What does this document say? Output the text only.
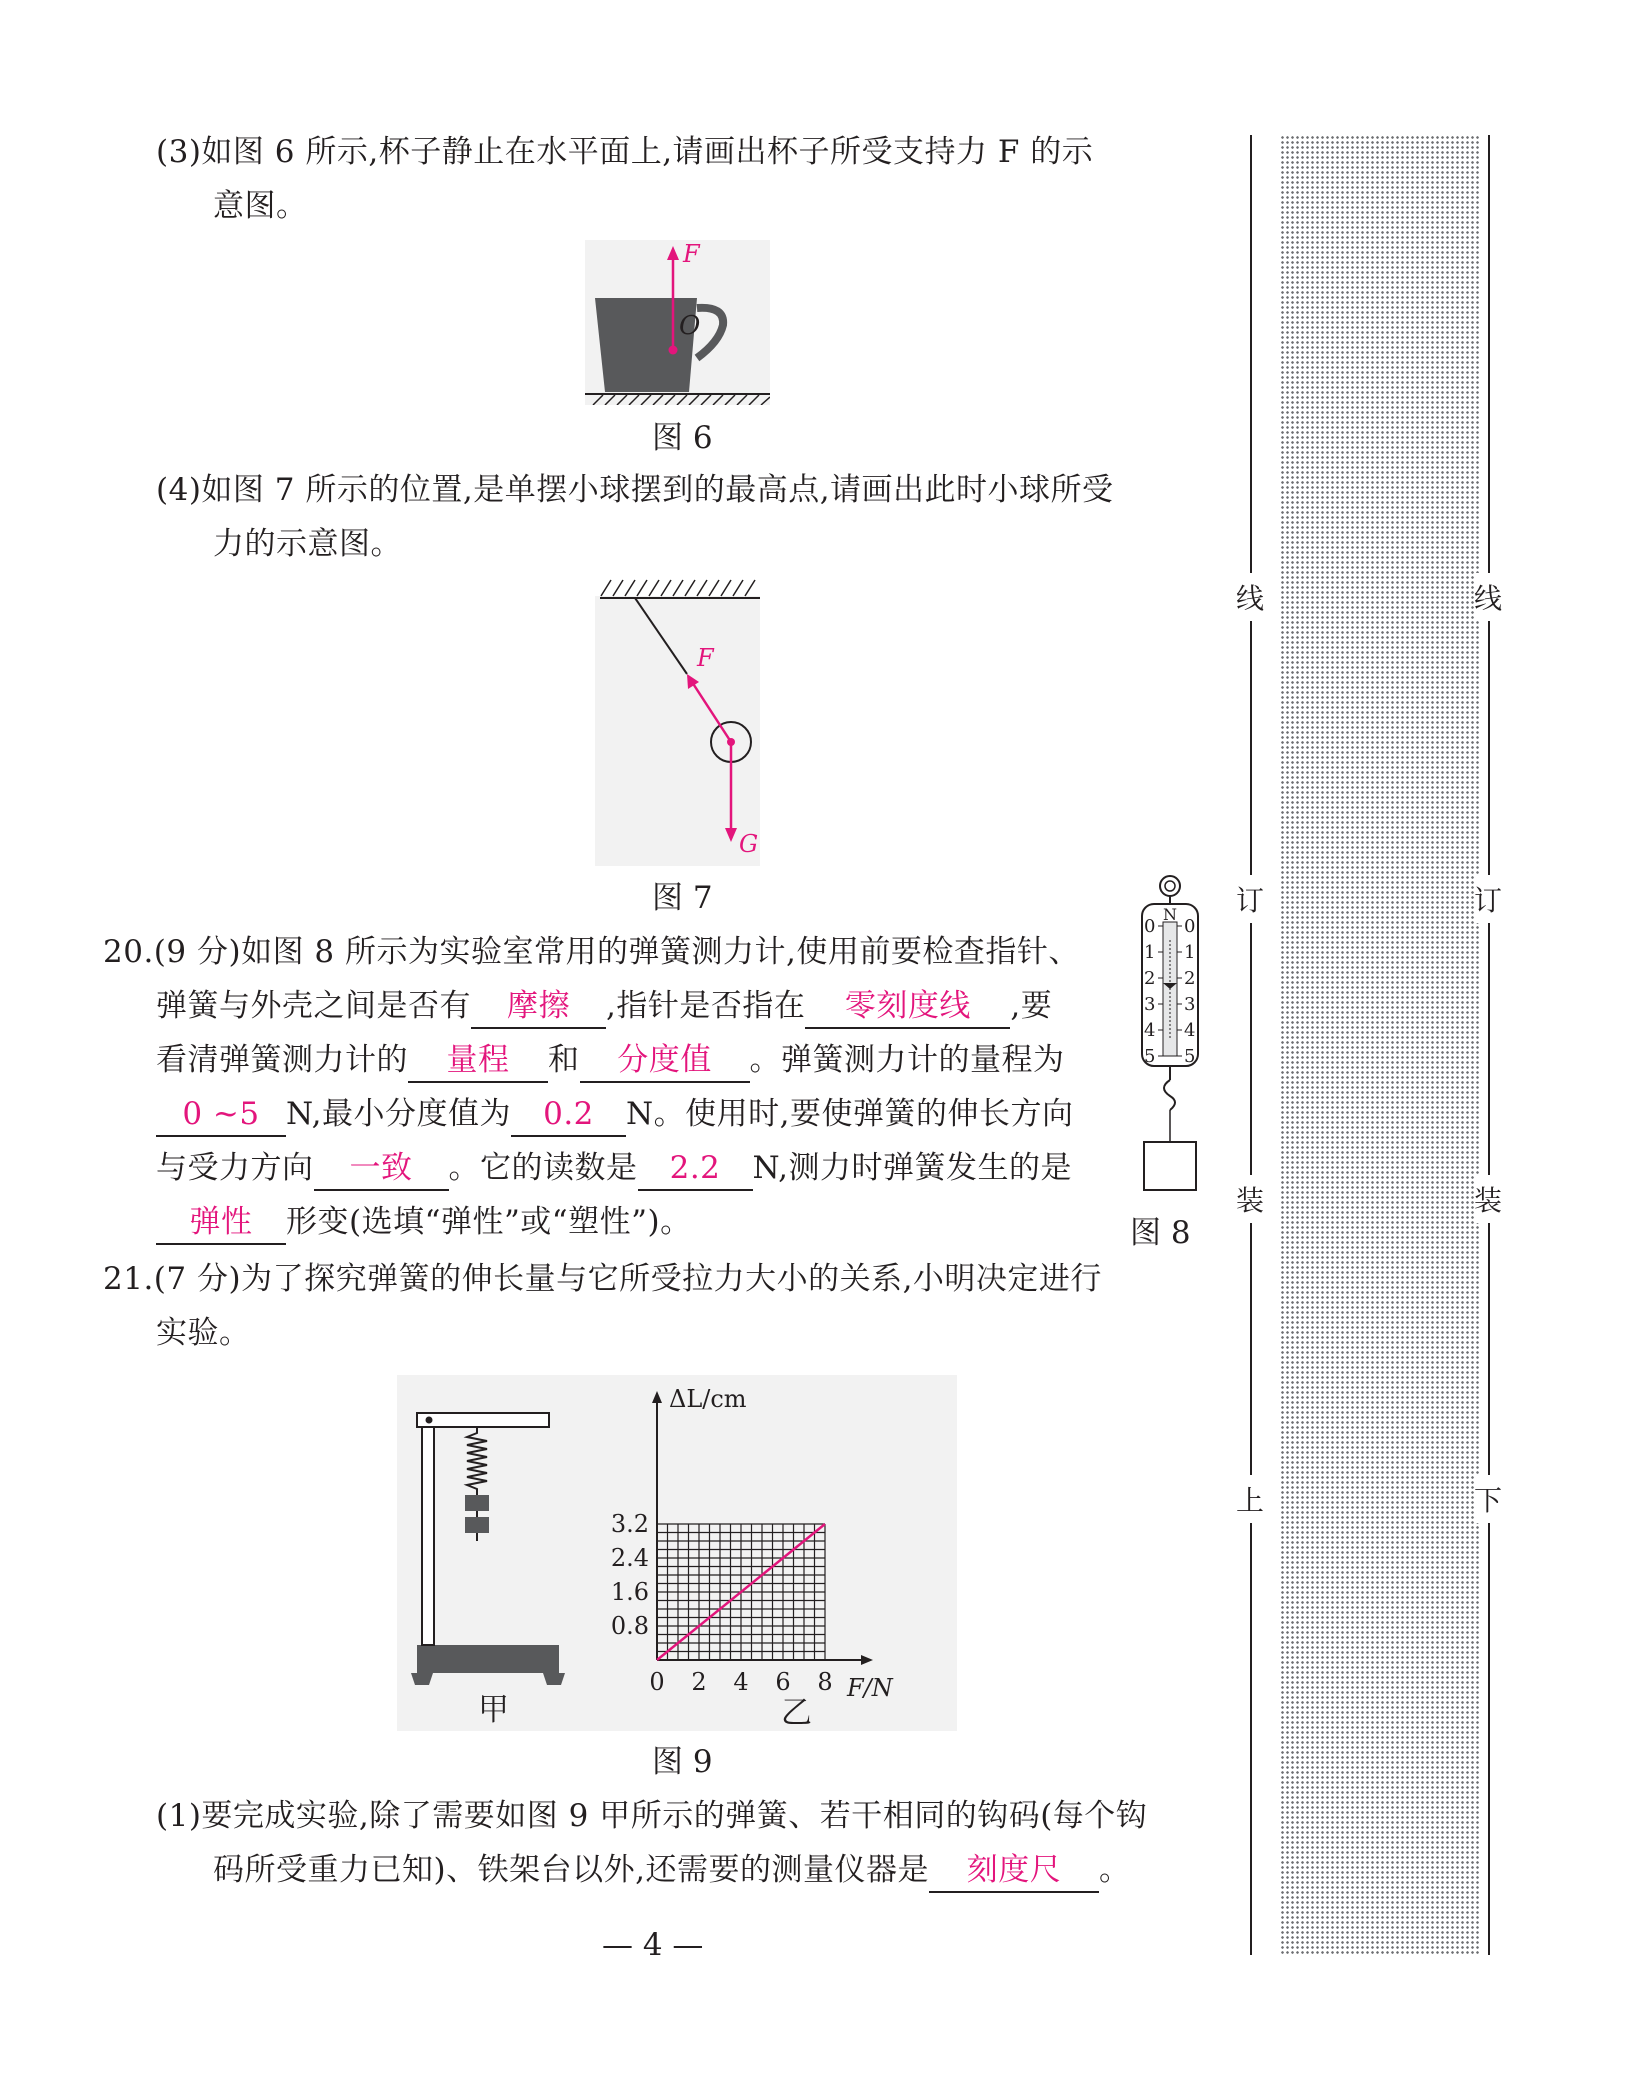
(3)如图 6 所示,杯子静止在水平面上,请画出杯子所受支持力 F 的示
意图。
F
O
图 6
(4)如图 7 所示的位置,是单摆小球摆到的最高点,请画出此时小球所受
力的示意图。
F
G
图 7
20.(9 分)如图 8 所示为实验室常用的弹簧测力计,使用前要检查指针、
弹簧与外壳之间是否有 摩擦 ,指针是否指在 零刻度线 ,要
看清弹簧测力计的 量程 和 分度值 。弹簧测力计的量程为
0 ~5 N,最小分度值为 0.2 N。使用时,要使弹簧的伸长方向
与受力方向 一致 。它的读数是 2.2 N,测力时弹簧发生的是
弹性 形变(选填“弹性”或“塑性”)。
N
0
1
2
3
4
5
0
1
2
3
4
5
图 8
21.(7 分)为了探究弹簧的伸长量与它所受拉力大小的关系,小明决定进行
实验。
甲
ΔL/cm
F/N
0 2 4 6 8
0.8
1.6
2.4
3.2
乙
图 9
(1)要完成实验,除了需要如图 9 甲所示的弹簧、若干相同的钩码(每个钩
码所受重力已知)、铁架台以外,还需要的测量仪器是 刻度尺 。
— 4 —
线
订
装
上
线
订
装
下
